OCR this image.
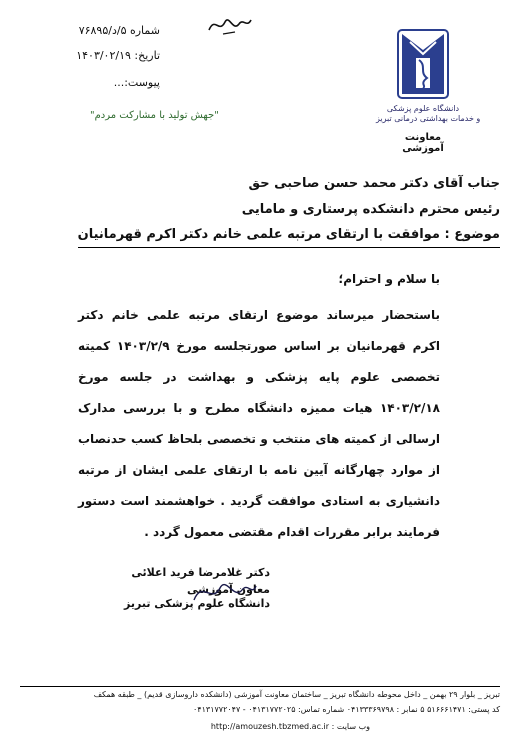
دانشگاه علوم پزشکی
و خدمات بهداشتی درمانی تبریز
معاونت آموزشی
شماره ۵/د/۷۶۸۹۵
تاریخ: ۱۴۰۳/۰۲/۱۹
پیوست:...
"جهش تولید با مشارکت مردم"
جناب آقای دکتر محمد حسن صاحبی حق
رئیس محترم دانشکده پرستاری و مامایی
موضوع : موافقت با ارتقای مرتبه علمی خانم دکتر اکرم قهرمانیان
با سلام و احترام؛
باستحضار میرساند موضوع ارتقای مرتبه علمی خانم دکتر اکرم قهرمانیان بر اساس صورتجلسه مورخ ۱۴۰۳/۲/۹ کمیته تخصصی علوم پایه پزشکی و بهداشت در جلسه مورخ ۱۴۰۳/۲/۱۸ هیات ممیزه دانشگاه مطرح و با بررسی مدارک ارسالی از کمیته های منتخب و تخصصی بلحاظ کسب حدنصاب از موارد چهارگانه آیین نامه با ارتقای علمی ایشان از مرتبه دانشیاری به استادی موافقت گردید . خواهشمند است دستور فرمایند برابر مقررات اقدام مقتضی معمول گردد .
دکتر غلامرضا فرید اعلائی
معاون آموزشی
دانشگاه علوم پزشکی تبریز
تبریز _ بلوار ۲۹ بهمن _ داخل محوطه دانشگاه تبریز _ ساختمان معاونت آموزشی (دانشکده داروسازی قدیم) _ طبقه همکف
کد پستی: ۵۱۶۶۶۱۴۷۱ ۵ نمابر : ۰۴۱۳۳۳۶۹۷۹۸ شماره تماس: ۰۴۱۳۱۷۷۲۰۲۵ - ۰۴۱۳۱۷۷۲۰۴۷
وب سایت : http://amouzesh.tbzmed.ac.ir
